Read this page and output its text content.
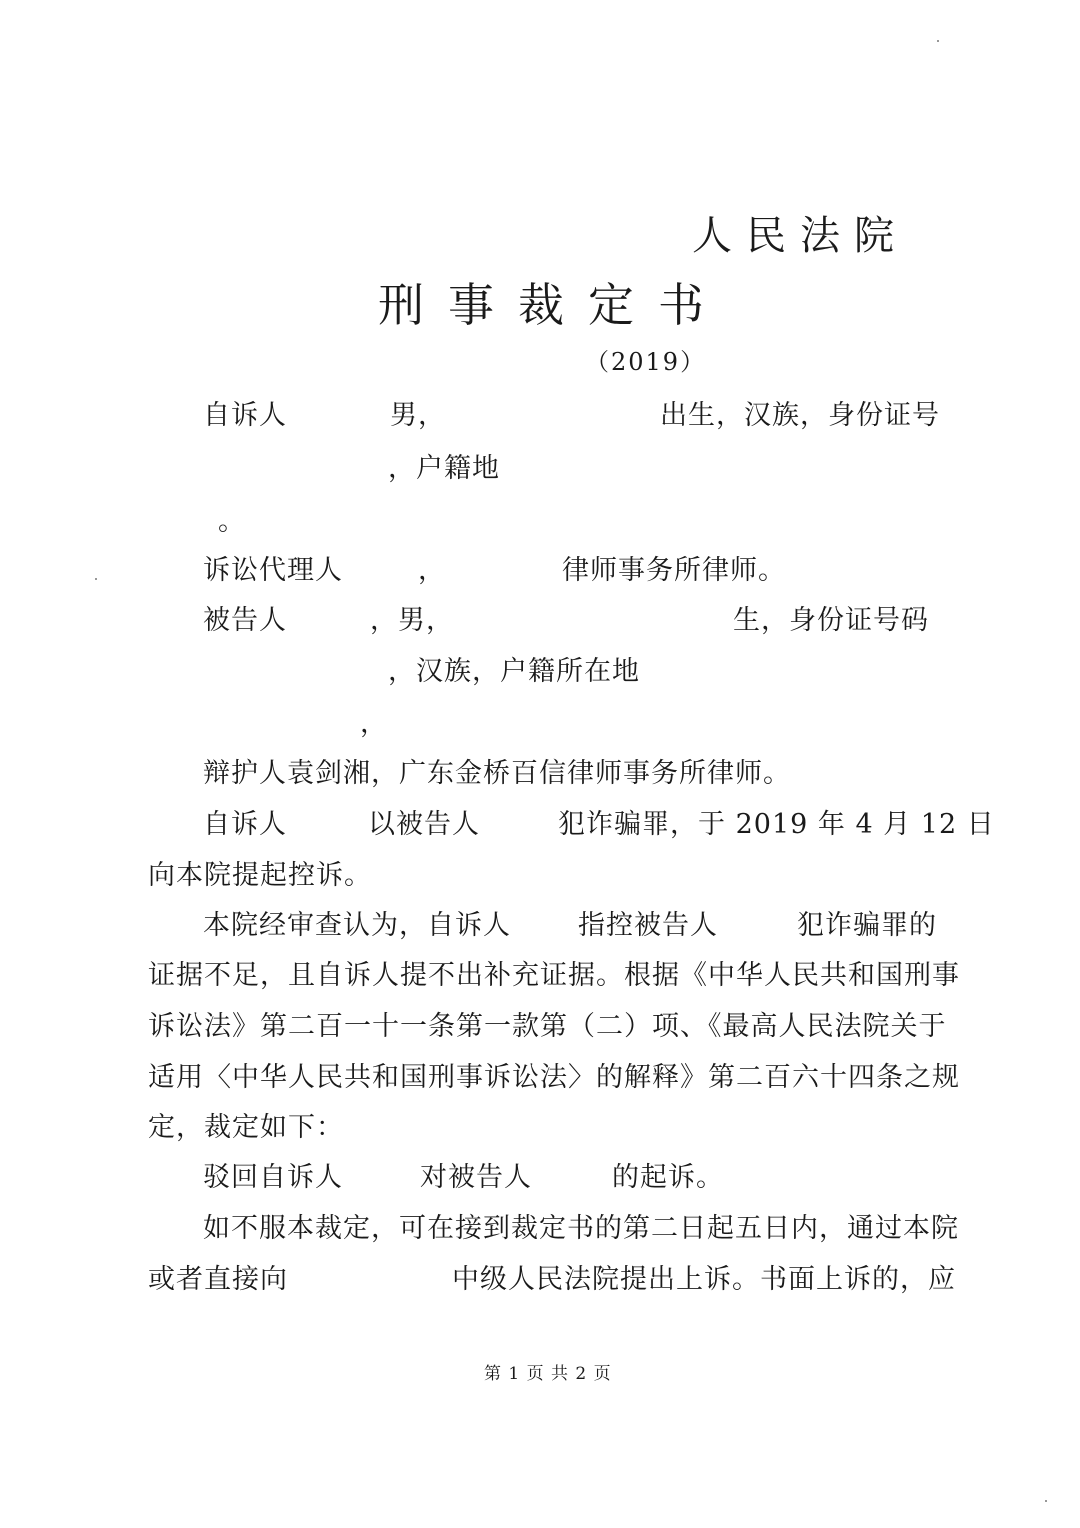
人民法院
刑事裁定书
（2019）
自诉人	男，	出生，汉族，身份证号
，户籍地
。
诉讼代理人	，	律师事务所律师。
被告人	，男，	生，身份证号码
，汉族，户籍所在地
，
辩护人袁剑湘，广东金桥百信律师事务所律师。
自诉人	以被告人	犯诈骗罪，于 2019 年 4 月 12 日
向本院提起控诉。
本院经审查认为，自诉人 指控被告人	犯诈骗罪的
证据不足，且自诉人提不出补充证据。根据《中华人民共和国刑事
诉讼法》第二百一十一条第一款第（二）项、《最高人民法院关于
适用〈中华人民共和国刑事诉讼法〉的解释》第二百六十四条之规
定，裁定如下：
驳回自诉人	对被告人	的起诉。
如不服本裁定，可在接到裁定书的第二日起五日内，通过本院
或者直接向	中级人民法院提出上诉。书面上诉的，应
第 1 页 共 2 页
